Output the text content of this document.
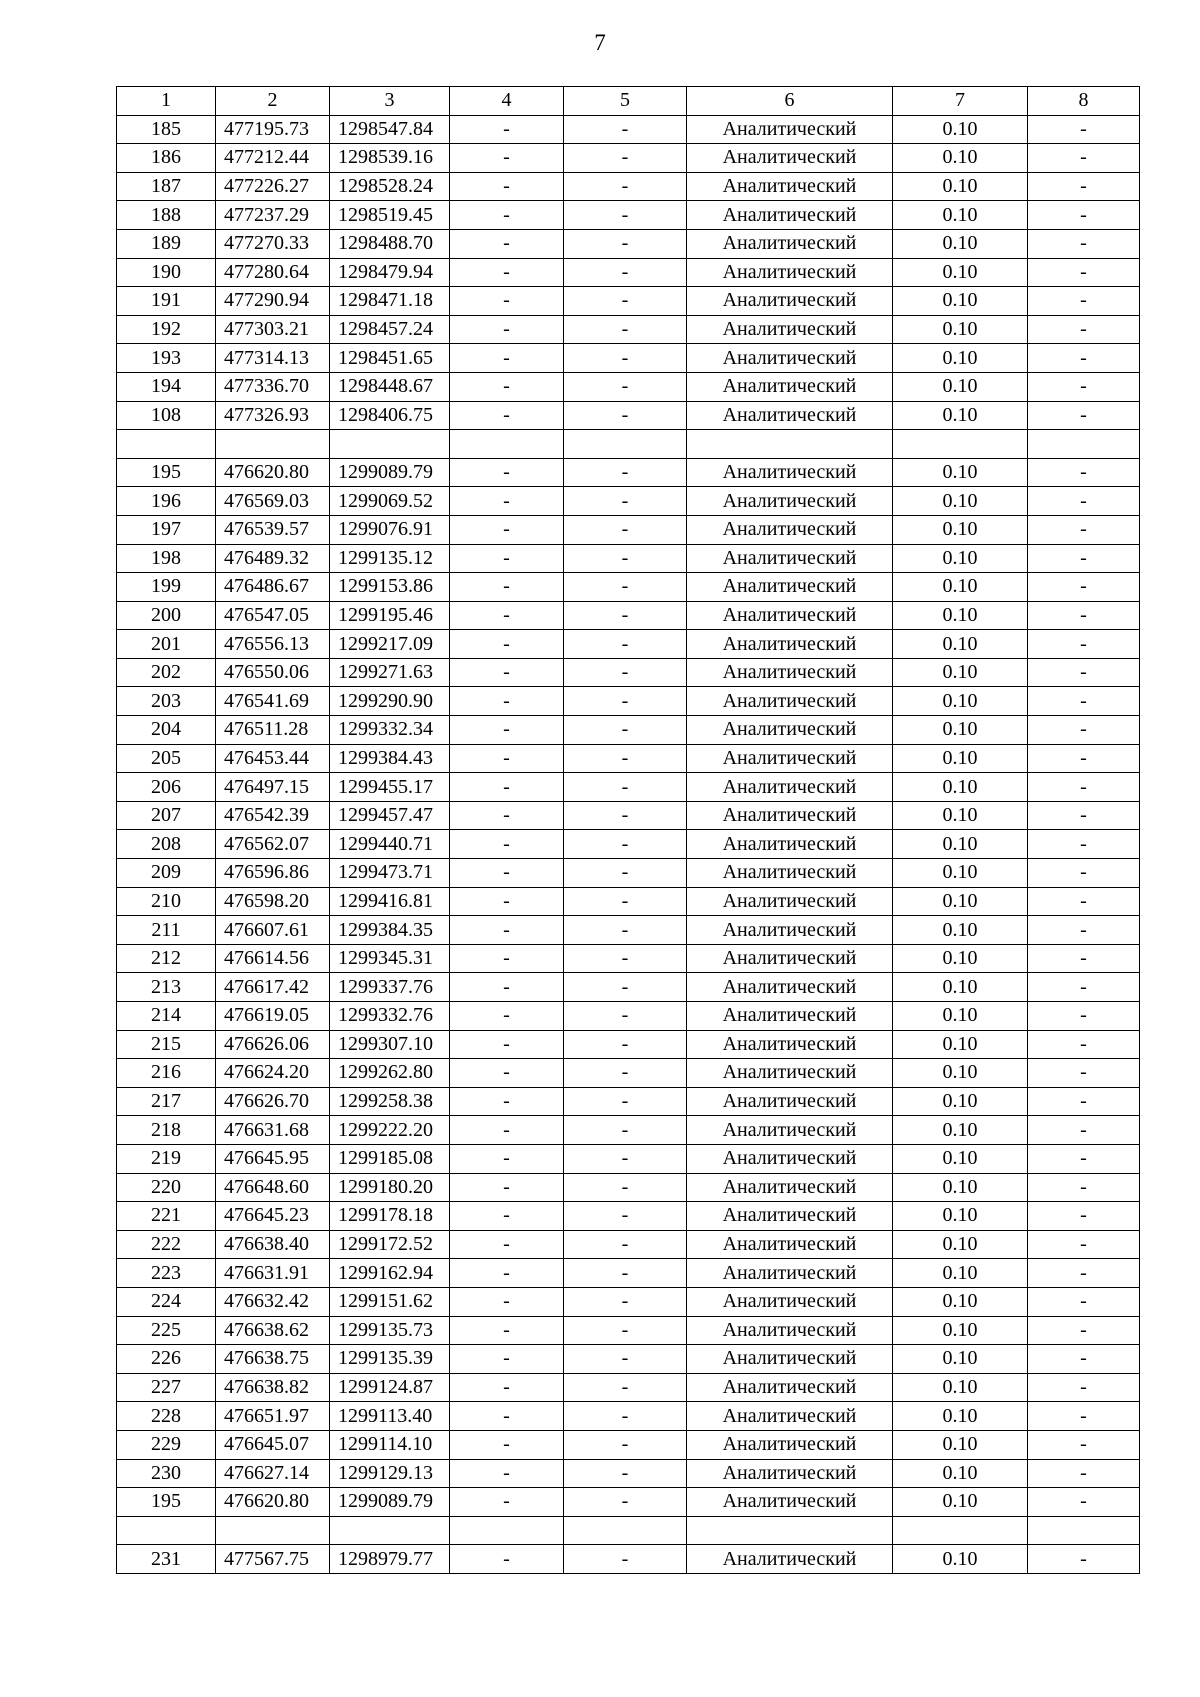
7
1	2	3	4	5	6	7	8
185	477195.73	1298547.84	-	-	Аналитический	0.10	-
186	477212.44	1298539.16	-	-	Аналитический	0.10	-
187	477226.27	1298528.24	-	-	Аналитический	0.10	-
188	477237.29	1298519.45	-	-	Аналитический	0.10	-
189	477270.33	1298488.70	-	-	Аналитический	0.10	-
190	477280.64	1298479.94	-	-	Аналитический	0.10	-
191	477290.94	1298471.18	-	-	Аналитический	0.10	-
192	477303.21	1298457.24	-	-	Аналитический	0.10	-
193	477314.13	1298451.65	-	-	Аналитический	0.10	-
194	477336.70	1298448.67	-	-	Аналитический	0.10	-
108	477326.93	1298406.75	-	-	Аналитический	0.10	-

195	476620.80	1299089.79	-	-	Аналитический	0.10	-
196	476569.03	1299069.52	-	-	Аналитический	0.10	-
197	476539.57	1299076.91	-	-	Аналитический	0.10	-
198	476489.32	1299135.12	-	-	Аналитический	0.10	-
199	476486.67	1299153.86	-	-	Аналитический	0.10	-
200	476547.05	1299195.46	-	-	Аналитический	0.10	-
201	476556.13	1299217.09	-	-	Аналитический	0.10	-
202	476550.06	1299271.63	-	-	Аналитический	0.10	-
203	476541.69	1299290.90	-	-	Аналитический	0.10	-
204	476511.28	1299332.34	-	-	Аналитический	0.10	-
205	476453.44	1299384.43	-	-	Аналитический	0.10	-
206	476497.15	1299455.17	-	-	Аналитический	0.10	-
207	476542.39	1299457.47	-	-	Аналитический	0.10	-
208	476562.07	1299440.71	-	-	Аналитический	0.10	-
209	476596.86	1299473.71	-	-	Аналитический	0.10	-
210	476598.20	1299416.81	-	-	Аналитический	0.10	-
211	476607.61	1299384.35	-	-	Аналитический	0.10	-
212	476614.56	1299345.31	-	-	Аналитический	0.10	-
213	476617.42	1299337.76	-	-	Аналитический	0.10	-
214	476619.05	1299332.76	-	-	Аналитический	0.10	-
215	476626.06	1299307.10	-	-	Аналитический	0.10	-
216	476624.20	1299262.80	-	-	Аналитический	0.10	-
217	476626.70	1299258.38	-	-	Аналитический	0.10	-
218	476631.68	1299222.20	-	-	Аналитический	0.10	-
219	476645.95	1299185.08	-	-	Аналитический	0.10	-
220	476648.60	1299180.20	-	-	Аналитический	0.10	-
221	476645.23	1299178.18	-	-	Аналитический	0.10	-
222	476638.40	1299172.52	-	-	Аналитический	0.10	-
223	476631.91	1299162.94	-	-	Аналитический	0.10	-
224	476632.42	1299151.62	-	-	Аналитический	0.10	-
225	476638.62	1299135.73	-	-	Аналитический	0.10	-
226	476638.75	1299135.39	-	-	Аналитический	0.10	-
227	476638.82	1299124.87	-	-	Аналитический	0.10	-
228	476651.97	1299113.40	-	-	Аналитический	0.10	-
229	476645.07	1299114.10	-	-	Аналитический	0.10	-
230	476627.14	1299129.13	-	-	Аналитический	0.10	-
195	476620.80	1299089.79	-	-	Аналитический	0.10	-

231	477567.75	1298979.77	-	-	Аналитический	0.10	-
